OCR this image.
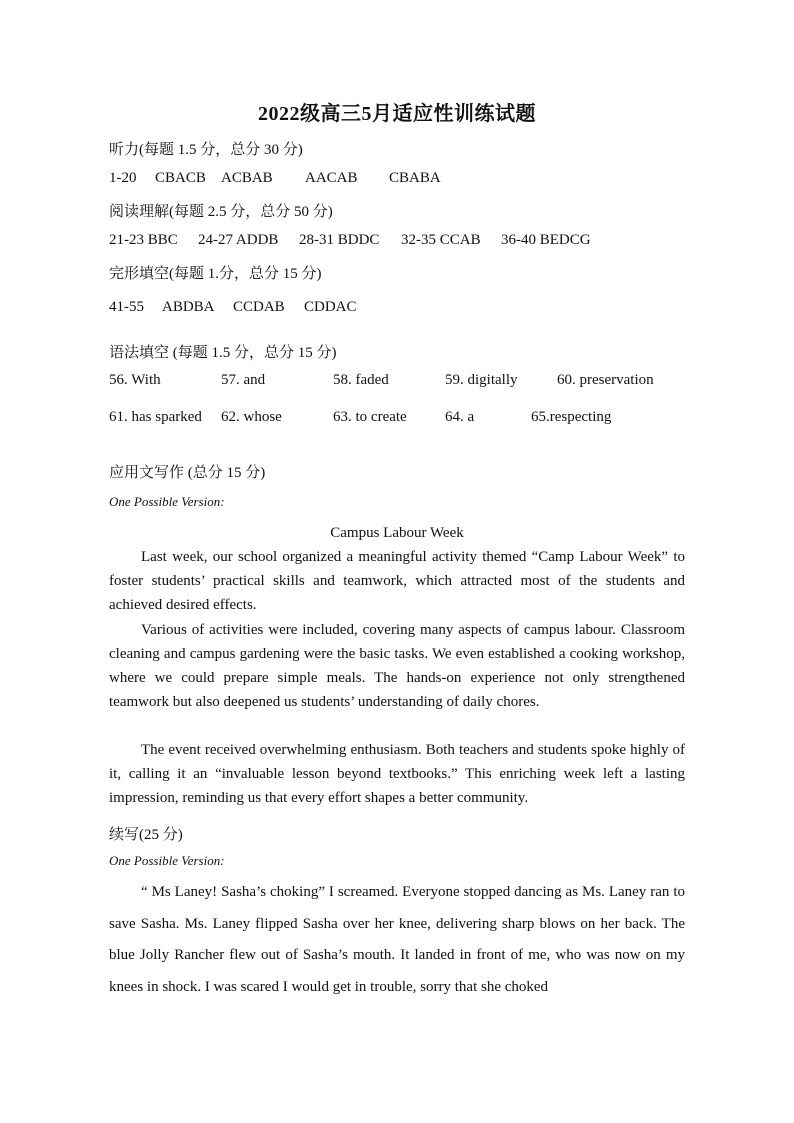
2022级高三5月适应性训练试题
听力(每题 1.5 分，总分 30 分)
1-20 CBACB ACBAB AACAB CBABA
阅读理解(每题 2.5 分，总分 50 分)
21-23 BBC 24-27 ADDB 28-31 BDDC 32-35 CCAB 36-40 BEDCG
完形填空(每题 1.分，总分 15 分)
41-55 ABDBA CCDAB CDDAC
语法填空 (每题 1.5 分，总分 15 分)
56. With	57. and	58. faded	59. digitally	60. preservation
61. has sparked 62. whose	63. to create	64. a	65.respecting
应用文写作 (总分 15 分)
One Possible Version:
Campus Labour Week
Last week, our school organized a meaningful activity themed “Camp Labour Week” to foster students’ practical skills and teamwork, which attracted most of the students and achieved desired effects.
Various of activities were included, covering many aspects of campus labour. Classroom cleaning and campus gardening were the basic tasks. We even established a cooking workshop, where we could prepare simple meals. The hands-on experience not only strengthened teamwork but also deepened us students’ understanding of daily chores.
The event received overwhelming enthusiasm. Both teachers and students spoke highly of it, calling it an “invaluable lesson beyond textbooks.” This enriching week left a lasting impression, reminding us that every effort shapes a better community.
续写(25 分)
One Possible Version:
“ Ms Laney! Sasha’s choking” I screamed. Everyone stopped dancing as Ms. Laney ran to save Sasha. Ms. Laney flipped Sasha over her knee, delivering sharp blows on her back. The blue Jolly Rancher flew out of Sasha’s mouth. It landed in front of me, who was now on my knees in shock. I was scared I would get in trouble, sorry that she choked
